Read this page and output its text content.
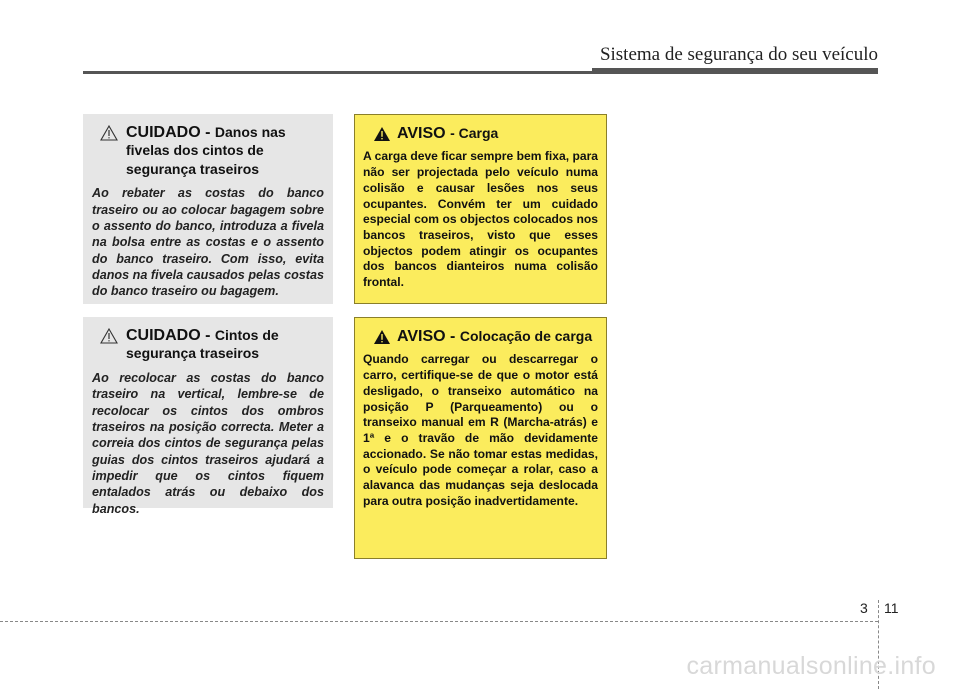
Sistema de segurança do seu veículo
CUIDADO - Danos nas fivelas dos cintos de segurança traseiros
Ao rebater as costas do banco traseiro ou ao colocar bagagem sobre o assento do banco, introduza a fivela na bolsa entre as costas e o assento do banco traseiro. Com isso, evita danos na fivela causados pelas costas do banco traseiro ou bagagem.
CUIDADO - Cintos de segurança traseiros
Ao recolocar as costas do banco traseiro na vertical, lembre-se de recolocar os cintos dos ombros traseiros na posição correcta. Meter a correia dos cintos de segurança pelas guias dos cintos traseiros ajudará a impedir que os cintos fiquem entalados atrás ou debaixo dos bancos.
AVISO - Carga
A carga deve ficar sempre bem fixa, para não ser projectada pelo veículo numa colisão e causar lesões nos seus ocupantes. Convém ter um cuidado especial com os objectos colocados nos bancos traseiros, visto que esses objectos podem atingir os ocupantes dos bancos dianteiros numa colisão frontal.
AVISO - Colocação de carga
Quando carregar ou descarregar o carro, certifique-se de que o motor está desligado, o transeixo automático na posição P (Parqueamento) ou o transeixo manual em R (Marcha-atrás) e 1ª e o travão de mão devidamente accionado. Se não tomar estas medidas, o veículo pode começar a rolar, caso a alavanca das mudanças seja deslocada para outra posição inadvertidamente.
3 11
carmanualsonline.info
